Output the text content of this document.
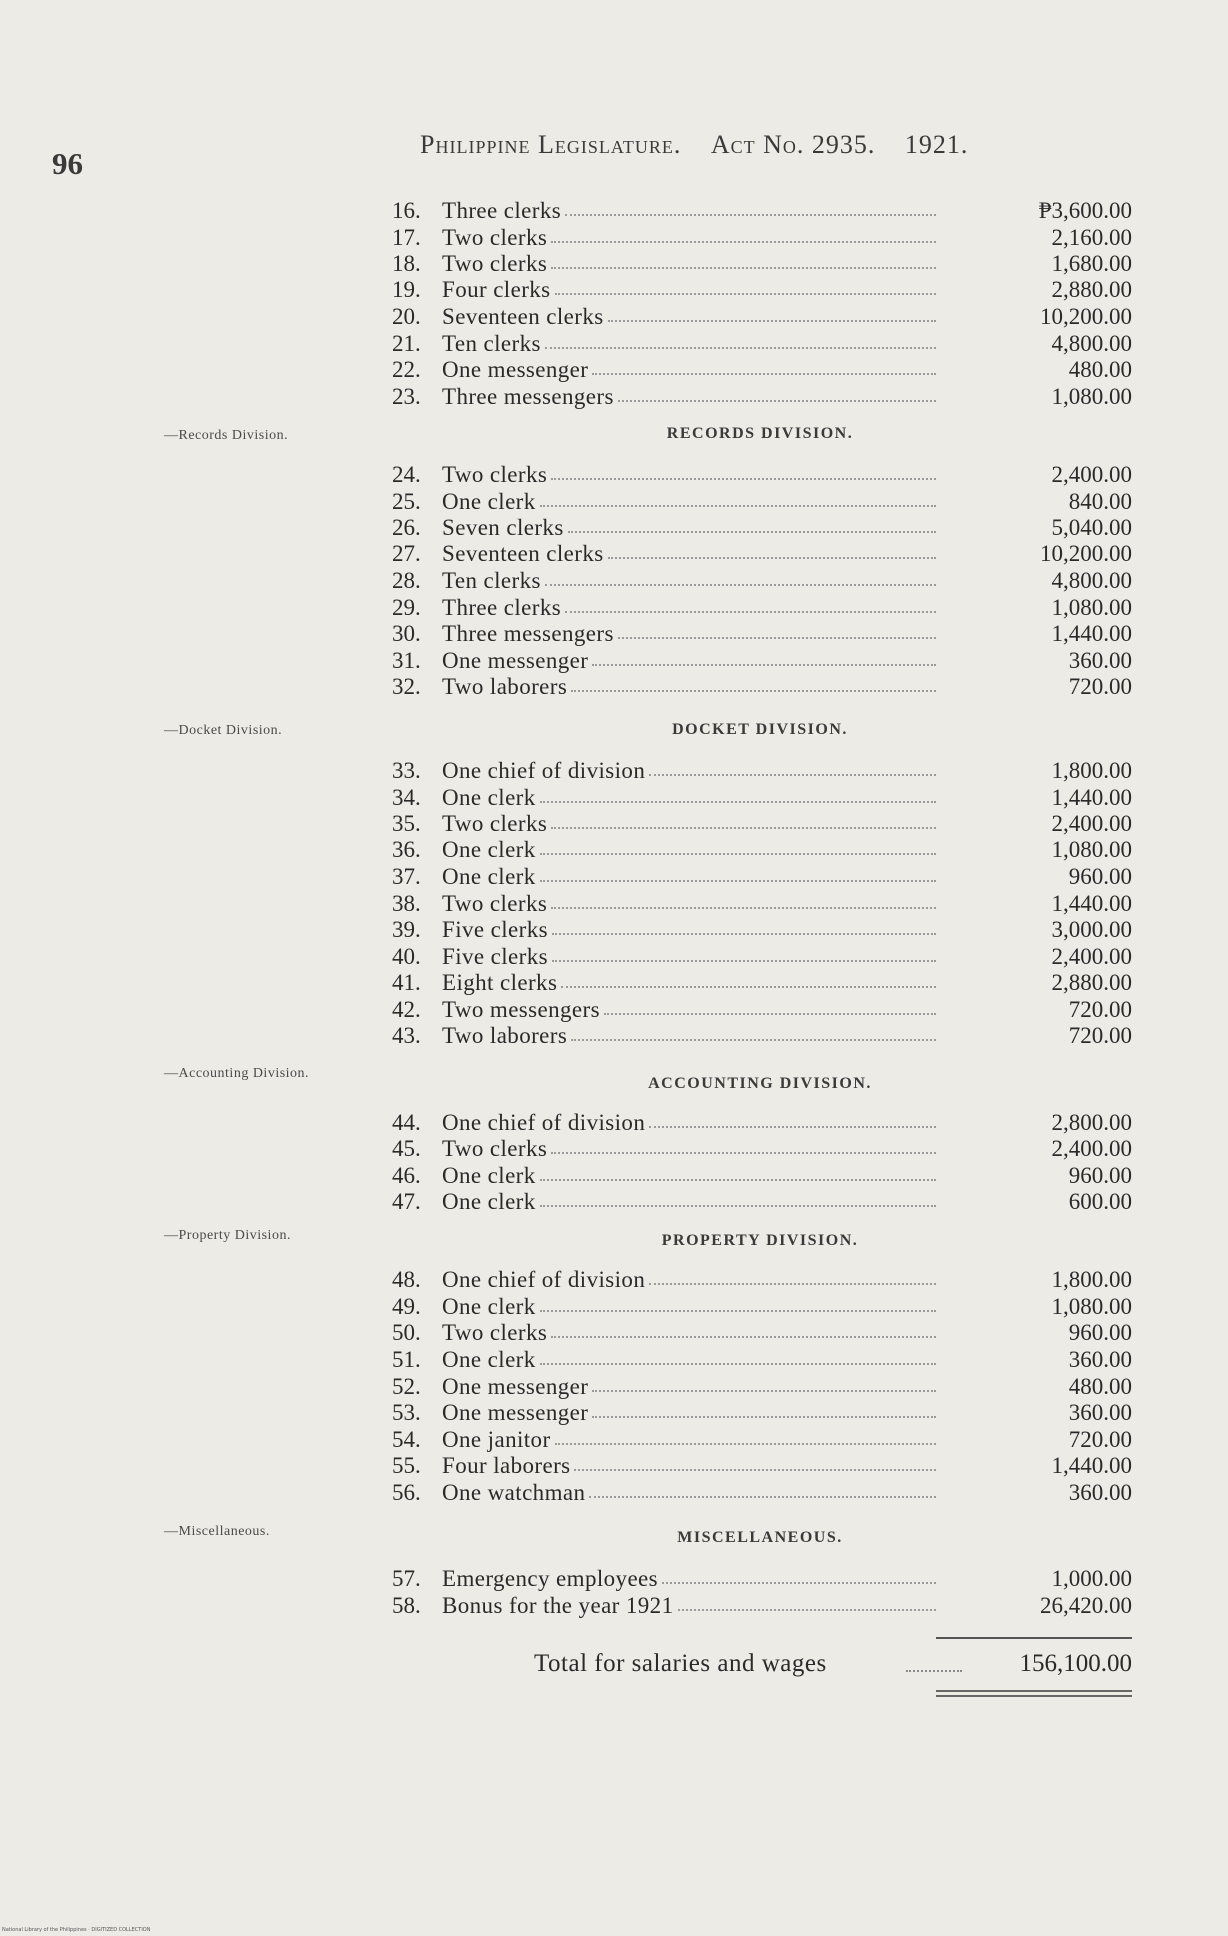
96
Philippine Legislature. Act No. 2935. 1921.
16. Three clerks	₱3,600.00
17. Two clerks	2,160.00
18. Two clerks	1,680.00
19. Four clerks	2,880.00
20. Seventeen clerks	10,200.00
21. Ten clerks	4,800.00
22. One messenger	480.00
23. Three messengers	1,080.00
—Records Division.	RECORDS DIVISION.
24. Two clerks	2,400.00
25. One clerk	840.00
26. Seven clerks	5,040.00
27. Seventeen clerks	10,200.00
28. Ten clerks	4,800.00
29. Three clerks	1,080.00
30. Three messengers	1,440.00
31. One messenger	360.00
32. Two laborers	720.00
—Docket Division.	DOCKET DIVISION.
33. One chief of division	1,800.00
34. One clerk	1,440.00
35. Two clerks	2,400.00
36. One clerk	1,080.00
37. One clerk	960.00
38. Two clerks	1,440.00
39. Five clerks	3,000.00
40. Five clerks	2,400.00
41. Eight clerks	2,880.00
42. Two messengers	720.00
43. Two laborers	720.00
—Accounting Division.
ACCOUNTING DIVISION.
44. One chief of division	2,800.00
45. Two clerks	2,400.00
46. One clerk	960.00
47. One clerk	600.00
—Property Division.	PROPERTY DIVISION.
48. One chief of division	1,800.00
49. One clerk	1,080.00
50. Two clerks	960.00
51. One clerk	360.00
52. One messenger	480.00
53. One messenger	360.00
54. One janitor	720.00
55. Four laborers	1,440.00
56. One watchman	360.00
—Miscellaneous.	MISCELLANEOUS.
57. Emergency employees	1,000.00
58. Bonus for the year 1921	26,420.00
Total for salaries and wages	156,100.00
National Library of the Philippines · DIGITIZED COLLECTION
